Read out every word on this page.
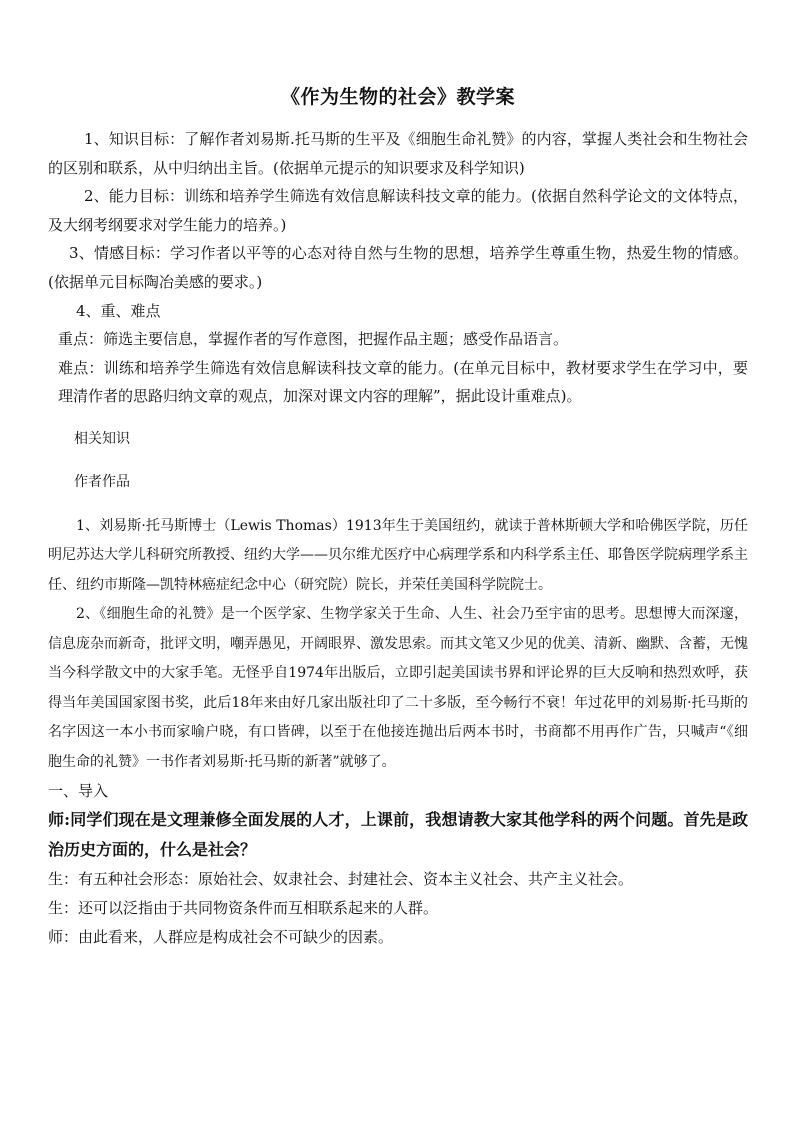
《作为生物的社会》教学案

1、知识目标：了解作者刘易斯.托马斯的生平及《细胞生命礼赞》的内容，掌握人类社会和生物社会的区别和联系，从中归纳出主旨。(依据单元提示的知识要求及科学知识)

2、能力目标：训练和培养学生筛选有效信息解读科技文章的能力。(依据自然科学论文的文体特点，及大纲考纲要求对学生能力的培养。)

3、情感目标：学习作者以平等的心态对待自然与生物的思想，培养学生尊重生物，热爱生物的情感。(依据单元目标陶冶美感的要求。)

4、重、难点

重点：筛选主要信息，掌握作者的写作意图，把握作品主题；感受作品语言。

难点：训练和培养学生筛选有效信息解读科技文章的能力。(在单元目标中，教材要求学生在学习中，要理清作者的思路归纳文章的观点，加深对课文内容的理解”，据此设计重难点)。

相关知识

作者作品

1、刘易斯·托马斯博士（Lewis Thomas）1913年生于美国纽约，就读于普林斯顿大学和哈佛医学院，历任明尼苏达大学儿科研究所教授、纽约大学——贝尔维尤医疗中心病理学系和内科学系主任、耶鲁医学院病理学系主任、纽约市斯隆—凯特林癌症纪念中心（研究院）院长，并荣任美国科学院院士。

2、《细胞生命的礼赞》是一个医学家、生物学家关于生命、人生、社会乃至宇宙的思考。思想博大而深邃，信息庞杂而新奇，批评文明，嘲弄愚见，开阔眼界、激发思索。而其文笔又少见的优美、清新、幽默、含蓄，无愧当今科学散文中的大家手笔。无怪乎自1974年出版后，立即引起美国读书界和评论界的巨大反响和热烈欢呼，获得当年美国国家图书奖，此后18年来由好几家出版社印了二十多版，至今畅行不衰！年过花甲的刘易斯·托马斯的名字因这一本小书而家喻户晓，有口皆碑，以至于在他接连抛出后两本书时，书商都不用再作广告，只喊声“《细胞生命的礼赞》一书作者刘易斯·托马斯的新著”就够了。

一、导入

师:同学们现在是文理兼修全面发展的人才，上课前，我想请教大家其他学科的两个问题。首先是政治历史方面的，什么是社会？

生：有五种社会形态：原始社会、奴隶社会、封建社会、资本主义社会、共产主义社会。

生：还可以泛指由于共同物资条件而互相联系起来的人群。

师：由此看来，人群应是构成社会不可缺少的因素。
